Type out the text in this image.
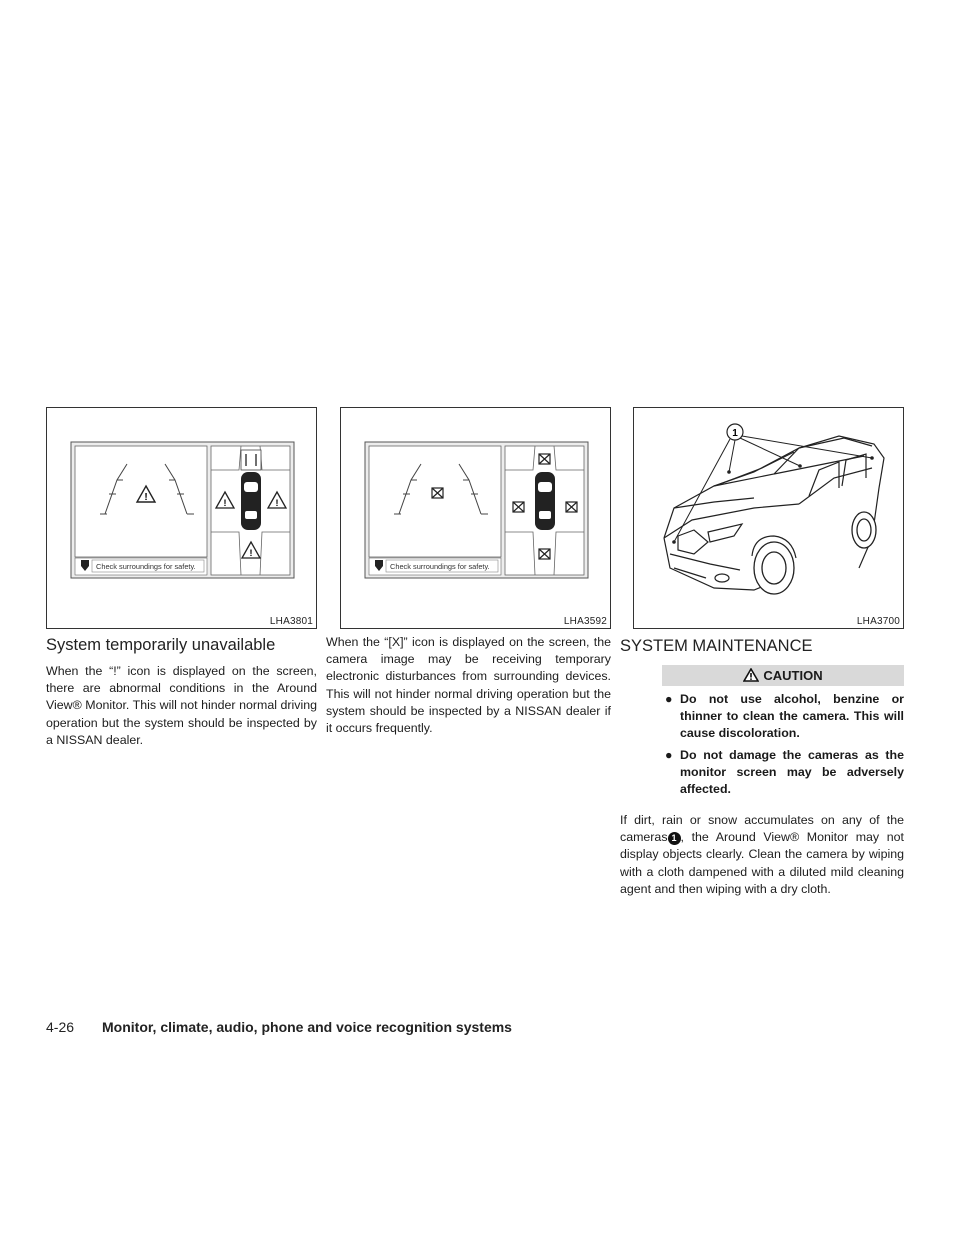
!
Check surroundings for safety.
!	!
!
LHA3801
Check surroundings for safety.
LHA3592
1
LHA3700
System temporarily unavailable

When the “!” icon is displayed on the screen, there are abnormal conditions in the Around View® Monitor. This will not hinder normal driving operation but the system should be inspected by a NISSAN dealer.

When the “[X]” icon is displayed on the screen, the camera image may be receiving temporary electronic disturbances from surrounding devices. This will not hinder normal driving operation but the system should be inspected by a NISSAN dealer if it occurs frequently.

SYSTEM MAINTENANCE
CAUTION
● Do not use alcohol, benzine or thinner to clean the camera. This will cause discoloration.
● Do not damage the cameras as the monitor screen may be adversely affected.

If dirt, rain or snow accumulates on any of the cameras 1 , the Around View® Monitor may not display objects clearly. Clean the camera by wiping with a cloth dampened with a diluted mild cleaning agent and then wiping with a dry cloth.

4-26 Monitor, climate, audio, phone and voice recognition systems
